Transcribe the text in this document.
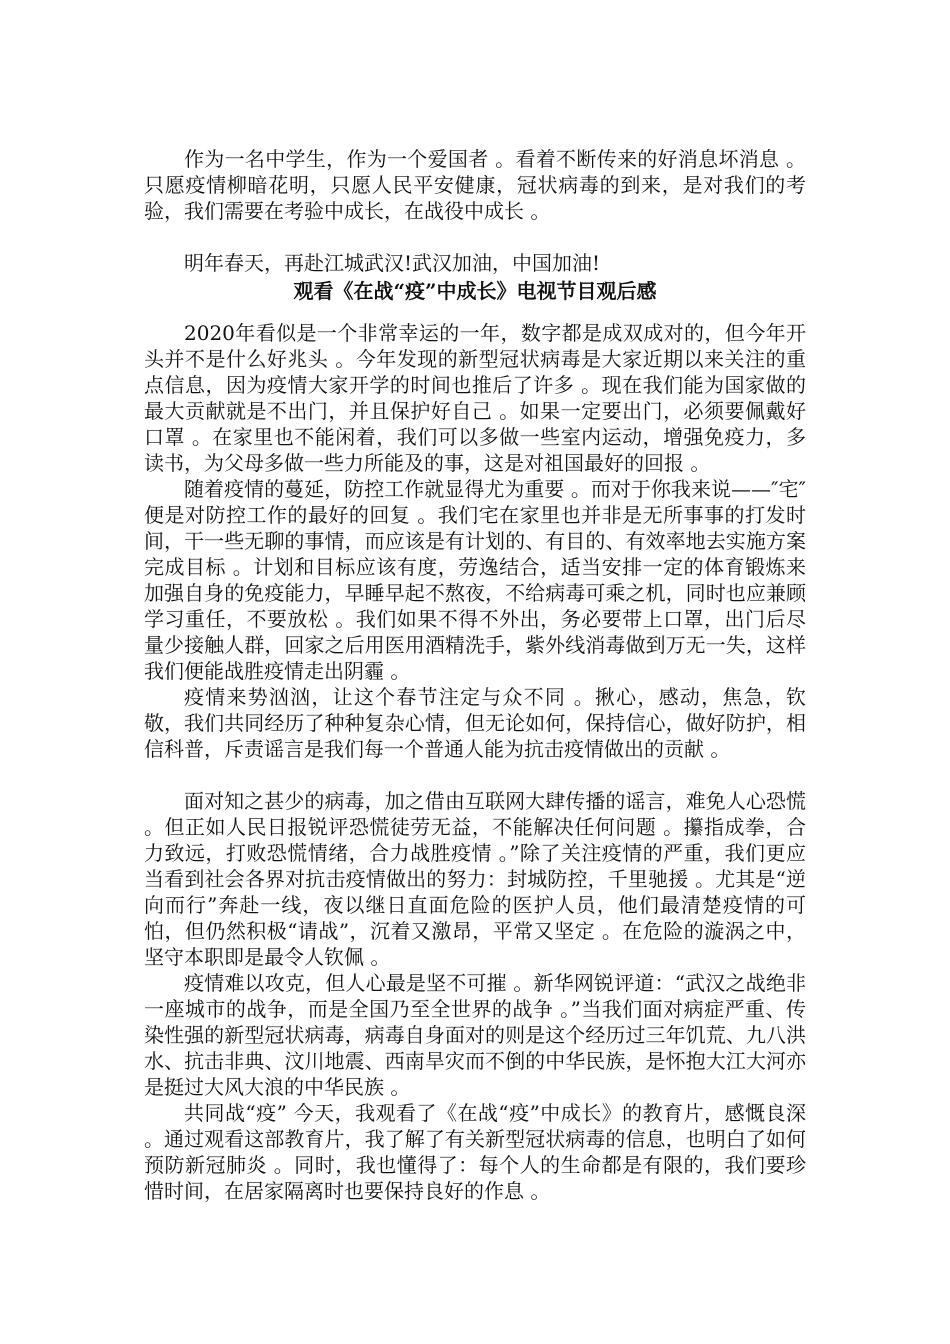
作为一名中学生，作为一个爱国者 。看着不断传来的好消息坏消息 。只愿疫情柳暗花明，只愿人民平安健康，冠状病毒的到来，是对我们的考验，我们需要在考验中成长，在战役中成长 。

明年春天，再赴江城武汉!武汉加油，中国加油!

观看《在战“疫”中成长》电视节目观后感

2020年看似是一个非常幸运的一年，数字都是成双成对的，但今年开头并不是什么好兆头 。今年发现的新型冠状病毒是大家近期以来关注的重点信息，因为疫情大家开学的时间也推后了许多 。现在我们能为国家做的最大贡献就是不出门，并且保护好自己 。如果一定要出门，必须要佩戴好口罩 。在家里也不能闲着，我们可以多做一些室内运动，增强免疫力，多读书，为父母多做一些力所能及的事，这是对祖国最好的回报 。

随着疫情的蔓延，防控工作就显得尤为重要 。而对于你我来说——″宅″便是对防控工作的最好的回复 。我们宅在家里也并非是无所事事的打发时间，干一些无聊的事情，而应该是有计划的、有目的、有效率地去实施方案完成目标 。计划和目标应该有度，劳逸结合，适当安排一定的体育锻炼来加强自身的免疫能力，早睡早起不熬夜，不给病毒可乘之机，同时也应兼顾学习重任，不要放松 。我们如果不得不外出，务必要带上口罩，出门后尽量少接触人群，回家之后用医用酒精洗手，紫外线消毒做到万无一失，这样我们便能战胜疫情走出阴霾 。

疫情来势汹汹，让这个春节注定与众不同 。揪心，感动，焦急，钦敬，我们共同经历了种种复杂心情，但无论如何，保持信心，做好防护，相信科普，斥责谣言是我们每一个普通人能为抗击疫情做出的贡献 。

面对知之甚少的病毒，加之借由互联网大肆传播的谣言，难免人心恐慌 。但正如人民日报锐评恐慌徒劳无益，不能解决任何问题 。攥指成拳，合力致远，打败恐慌情绪，合力战胜疫情 。”除了关注疫情的严重，我们更应当看到社会各界对抗击疫情做出的努力：封城防控，千里驰援 。尤其是“逆向而行”奔赴一线，夜以继日直面危险的医护人员，他们最清楚疫情的可怕，但仍然积极“请战”，沉着又激昂，平常又坚定 。在危险的漩涡之中，坚守本职即是最令人钦佩 。

疫情难以攻克，但人心最是坚不可摧 。新华网锐评道：“武汉之战绝非一座城市的战争，而是全国乃至全世界的战争 。”当我们面对病症严重、传染性强的新型冠状病毒，病毒自身面对的则是这个经历过三年饥荒、九八洪水、抗击非典、汶川地震、西南旱灾而不倒的中华民族，是怀抱大江大河亦是挺过大风大浪的中华民族 。

共同战“疫” 今天，我观看了《在战“疫”中成长》的教育片，感慨良深 。通过观看这部教育片，我了解了有关新型冠状病毒的信息，也明白了如何预防新冠肺炎 。同时，我也懂得了：每个人的生命都是有限的，我们要珍惜时间，在居家隔离时也要保持良好的作息 。
